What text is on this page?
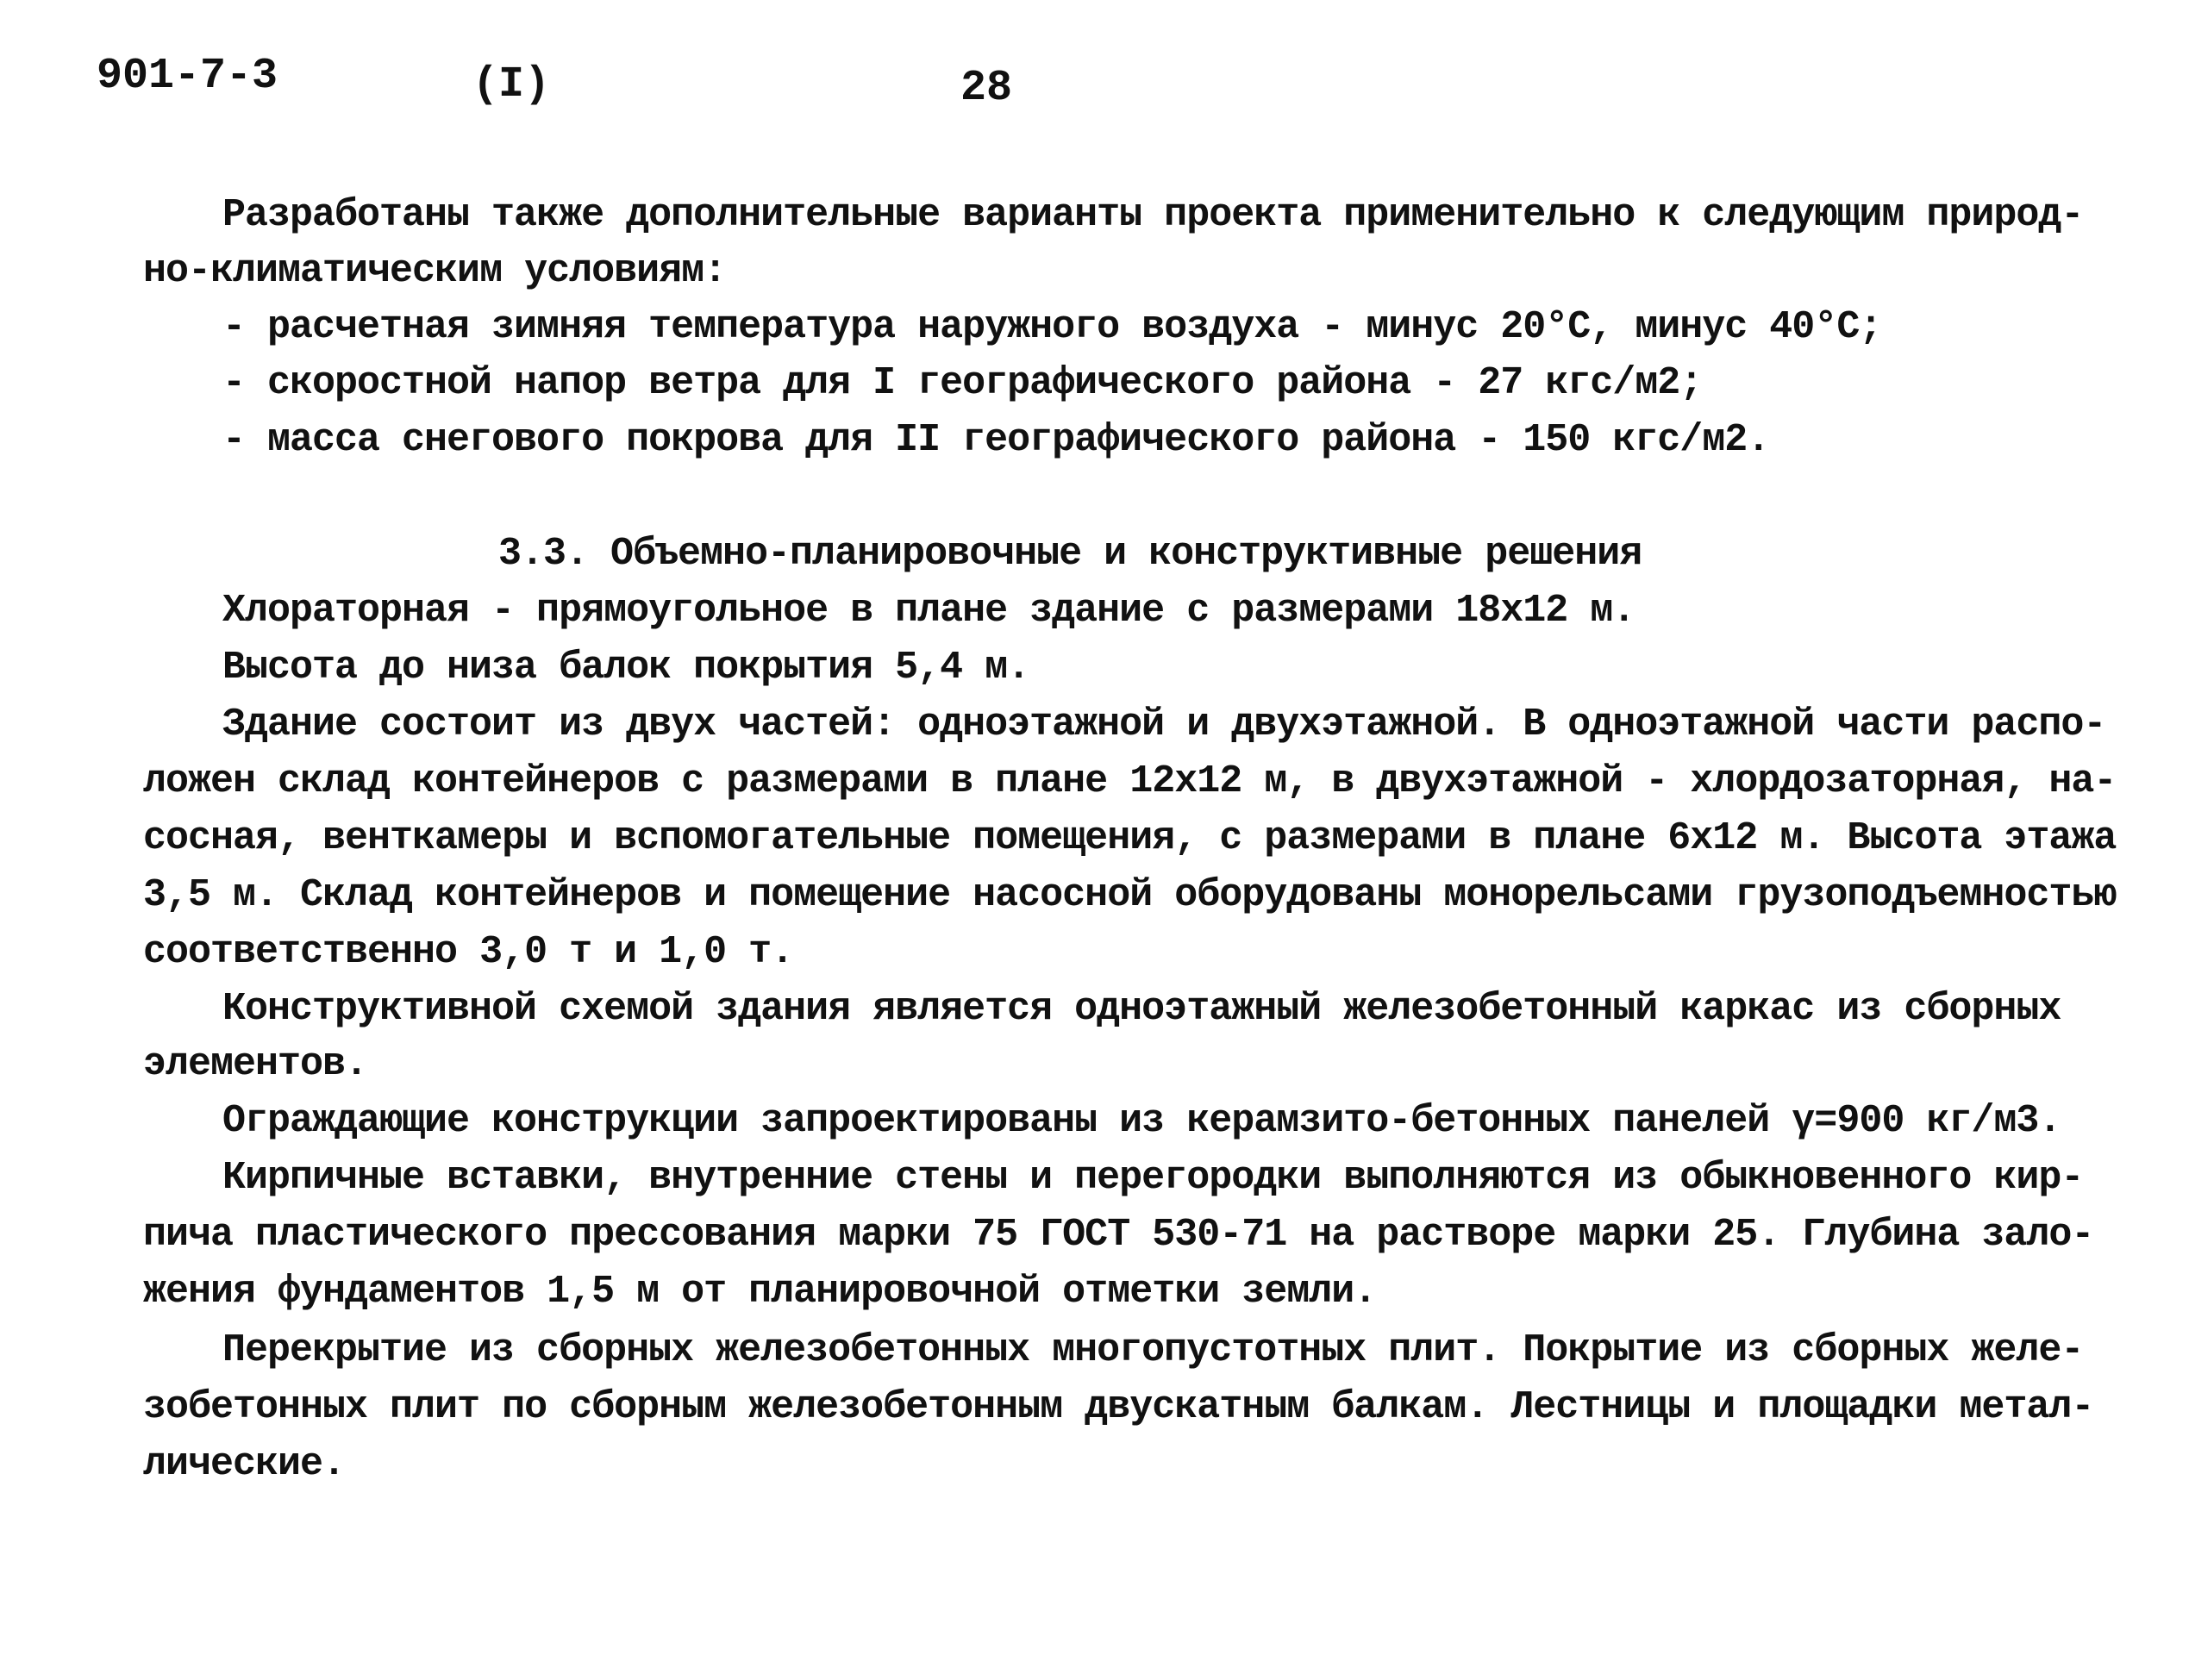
901-7-3	(I)	28
Разработаны также дополнительные варианты проекта применительно к следующим природ-
но-климатическим условиям:
- расчетная зимняя температура наружного воздуха - минус 20°С, минус 40°С;
- скоростной напор ветра для I географического района - 27 кгс/м2;
- масса снегового покрова для II географического района - 150 кгс/м2.
3.3. Объемно-планировочные и конструктивные решения
Хлораторная - прямоугольное в плане здание с размерами 18х12 м.
Высота до низа балок покрытия 5,4 м.
Здание состоит из двух частей: одноэтажной и двухэтажной. В одноэтажной части распо-
ложен склад контейнеров с размерами в плане 12х12 м, в двухэтажной - хлордозаторная, на-
сосная, венткамеры и вспомогательные помещения, с размерами в плане 6х12 м. Высота этажа
3,5 м. Склад контейнеров и помещение насосной оборудованы монорельсами грузоподъемностью
соответственно 3,0 т и 1,0 т.
Конструктивной схемой здания является одноэтажный железобетонный каркас из сборных
элементов.
Ограждающие конструкции запроектированы из керамзито-бетонных панелей γ=900 кг/м3.
Кирпичные вставки, внутренние стены и перегородки выполняются из обыкновенного кир-
пича пластического прессования марки 75 ГОСТ 530-71 на растворе марки 25. Глубина зало-
жения фундаментов 1,5 м от планировочной отметки земли.
Перекрытие из сборных железобетонных многопустотных плит. Покрытие из сборных желе-
зобетонных плит по сборным железобетонным двускатным балкам. Лестницы и площадки метал-
лические.
